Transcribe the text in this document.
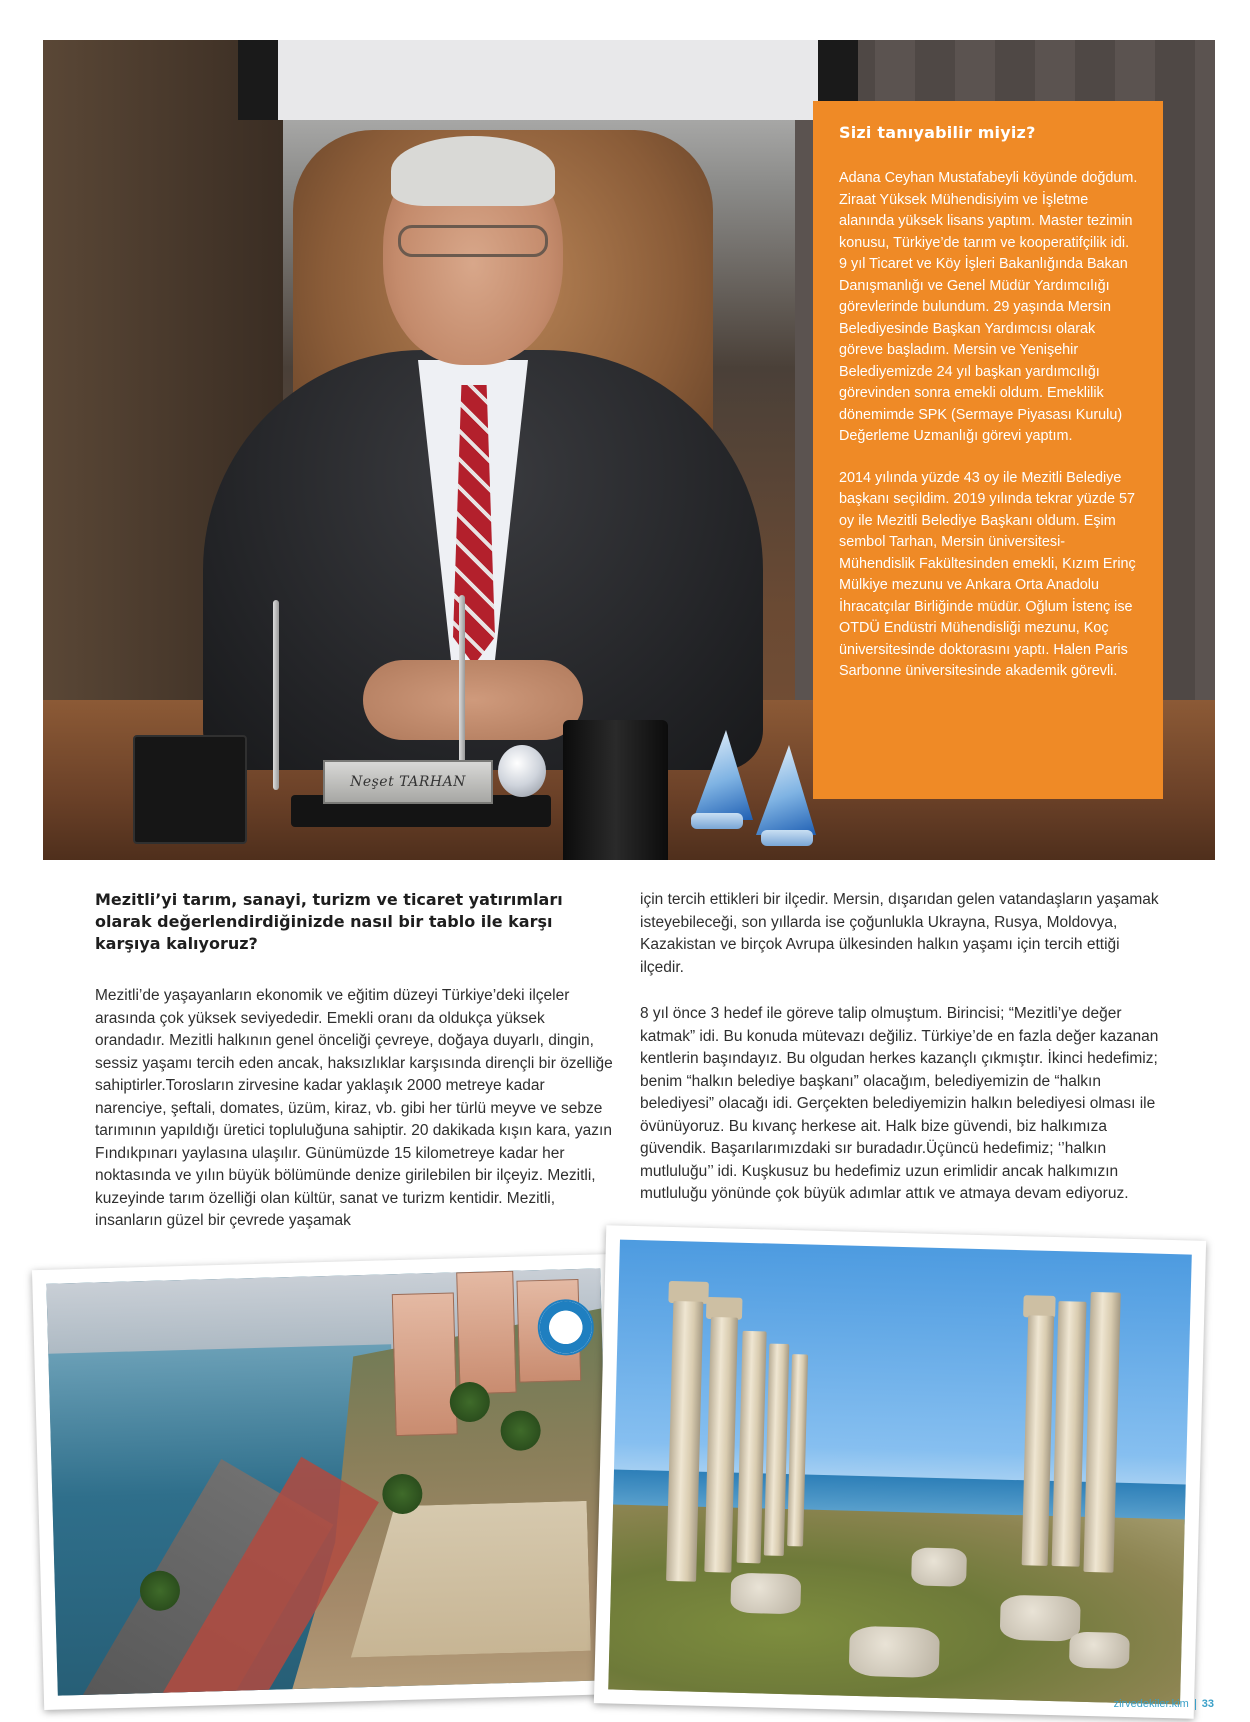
Neşet TARHAN
Sizi tanıyabilir miyiz?

Adana Ceyhan Mustafabeyli köyünde doğdum. Ziraat Yüksek Mühendisiyim ve İşletme alanında yüksek lisans yaptım. Master tezimin konusu, Türkiye’de tarım ve kooperatifçilik idi. 9 yıl Ticaret ve Köy İşleri Bakanlığında Bakan Danışmanlığı ve Genel Müdür Yardımcılığı görevlerinde bulundum. 29 yaşında Mersin Belediyesinde Başkan Yardımcısı olarak göreve başladım. Mersin ve Yenişehir Belediyemizde 24 yıl başkan yardımcılığı görevinden sonra emekli oldum. Emeklilik dönemimde SPK (Sermaye Piyasası Kurulu) Değerleme Uzmanlığı görevi yaptım.

2014 yılında yüzde 43 oy ile Mezitli Belediye başkanı seçildim. 2019 yılında tekrar yüzde 57 oy ile Mezitli Belediye Başkanı oldum. Eşim sembol Tarhan, Mersin üniversitesi-Mühendislik Fakültesinden emekli, Kızım Erinç Mülkiye mezunu ve Ankara Orta Anadolu İhracatçılar Birliğinde müdür. Oğlum İstenç ise OTDÜ Endüstri Mühendisliği mezunu, Koç üniversitesinde doktorasını yaptı. Halen Paris Sarbonne üniversitesinde akademik görevli.

Mezitli’yi tarım, sanayi, turizm ve ticaret yatırımları olarak değerlendirdiğinizde nasıl bir tablo ile karşı karşıya kalıyoruz?

Mezitli’de yaşayanların ekonomik ve eğitim düzeyi Türkiye’deki ilçeler arasında çok yüksek seviyededir. Emekli oranı da oldukça yüksek orandadır. Mezitli halkının genel önceliği çevreye, doğaya duyarlı, dingin, sessiz yaşamı tercih eden ancak, haksızlıklar karşısında dirençli bir özelliğe sahiptirler.Torosların zirvesine kadar yaklaşık 2000 metreye kadar narenciye, şeftali, domates, üzüm, kiraz, vb. gibi her türlü meyve ve sebze tarımının yapıldığı üretici topluluğuna sahiptir. 20 dakikada kışın kara, yazın Fındıkpınarı yaylasına ulaşılır. Günümüzde 15 kilometreye kadar her noktasında ve yılın büyük bölümünde denize girilebilen bir ilçeyiz. Mezitli, kuzeyinde tarım özelliği olan kültür, sanat ve turizm kentidir. Mezitli, insanların güzel bir çevrede yaşamak

için tercih ettikleri bir ilçedir. Mersin, dışarıdan gelen vatandaşların yaşamak isteyebileceği, son yıllarda ise çoğunlukla Ukrayna, Rusya, Moldovya, Kazakistan ve birçok Avrupa ülkesinden halkın yaşamı için tercih ettiği ilçedir.

8 yıl önce 3 hedef ile göreve talip olmuştum. Birincisi; “Mezitli’ye değer katmak” idi. Bu konuda mütevazı değiliz. Türkiye’de en fazla değer kazanan kentlerin başındayız. Bu olgudan herkes kazançlı çıkmıştır. İkinci hedefimiz; benim “halkın belediye başkanı” olacağım, belediyemizin de “halkın belediyesi” olacağı idi. Gerçekten belediyemizin halkın belediyesi olması ile övünüyoruz. Bu kıvanç herkese ait. Halk bize güvendi, biz halkımıza güvendik. Başarılarımızdaki sır buradadır.Üçüncü hedefimiz; ‘’halkın mutluluğu’’ idi. Kuşkusuz bu hedefimiz uzun erimlidir ancak halkımızın mutluluğu yönünde çok büyük adımlar attık ve atmaya devam ediyoruz.

zirvedekiler.kim 33
